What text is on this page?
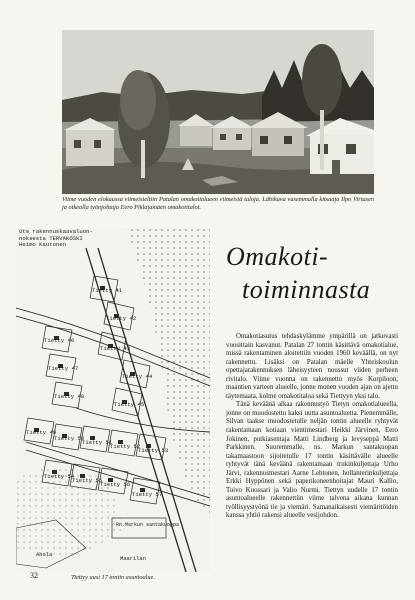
Viime vuoden elokuussa viimeisteltiin Patalan omakotialueen viimeisiä taloja. Lähikuva vasemmalla kitsaaja Ilpo Virtasen ja oikealla työnjohtaja Eero Piklajamäen omakotitalot.
Tietty 41
Tietty 42
Tietty 43
Tietty 44
Tietty 45
Tietty 46
Tietty 47
Tietty 48
Tietty 49
Tietty 50
Tietty 51
Tietty 52
Tietty 53
Tietty 54
Tietty 55
Tietty 56
Tietty 57
Rn.Markun santakuoppa
Maarilan
Ahola
Ote rakennuskaavaluon-
noksesta TERVAKOSKI
Heimo Kautonen
Tiettyy uusi 17 tontin asuntoalue.
Omakoti-
toiminnasta

Omakotiasutus tehdaskylämme ympärillä on jatkuvasti vuosittain kasvanut. Patalan 27 tontin käsittävä omakotialue, missä rakentaminen aloitettiin vuoden 1960 keväällä, on nyt rakennettu. Lisäksi on Patalan mäelle Yhteiskoulun opettajarakennuksen läheisyyteen noussut viiden perheen rivitalo. Viime vuonna on rakennettu myös Korpiloon, maantien varteen alueelle, jonne monen vuoden ajan on ajettu täytemaata, kolme omakotitaloa sekä Tiettyyn yksi talo.

Tänä keväänä alkaa rakennustyö Tietyn omakotialueella, jonne on muodostettu kaksi uutta asuntoaluetta. Pienemmälle, Silvan taakse muodostetulle neljän tontin alueelle ryhtyvät rakentamaan kotiaan vientimestari Heikki Järvinen, Eero Jokinen, putkiasentaja Matti Lindberg ja levyseppä Matti Parkkinen. Suuremmalle, ns. Markun santakuopan takamaastoon sijoitetulle 17 tontin käsittävälle alueelle ryhtyvät tänä keväänä rakentamaan trukinkuljettaja Urho Järvi, rakennusmestari Aarne Lehtonen, hollanterinkuljettaja Erkki Hyppönen sekä paperikoneenhoitajat Mauri Kallio, Toivo Kuossari ja Valio Nurmi. Tiettyn uudelle 17 tontin asuntoalueelle rakennettiin viime talvena aikana kunnan työllisyystyönä tie ja viemäri. Samanaikaisesti viemäritöiden kanssa yhtiö rakensi alueelle vesijohdon.

32
